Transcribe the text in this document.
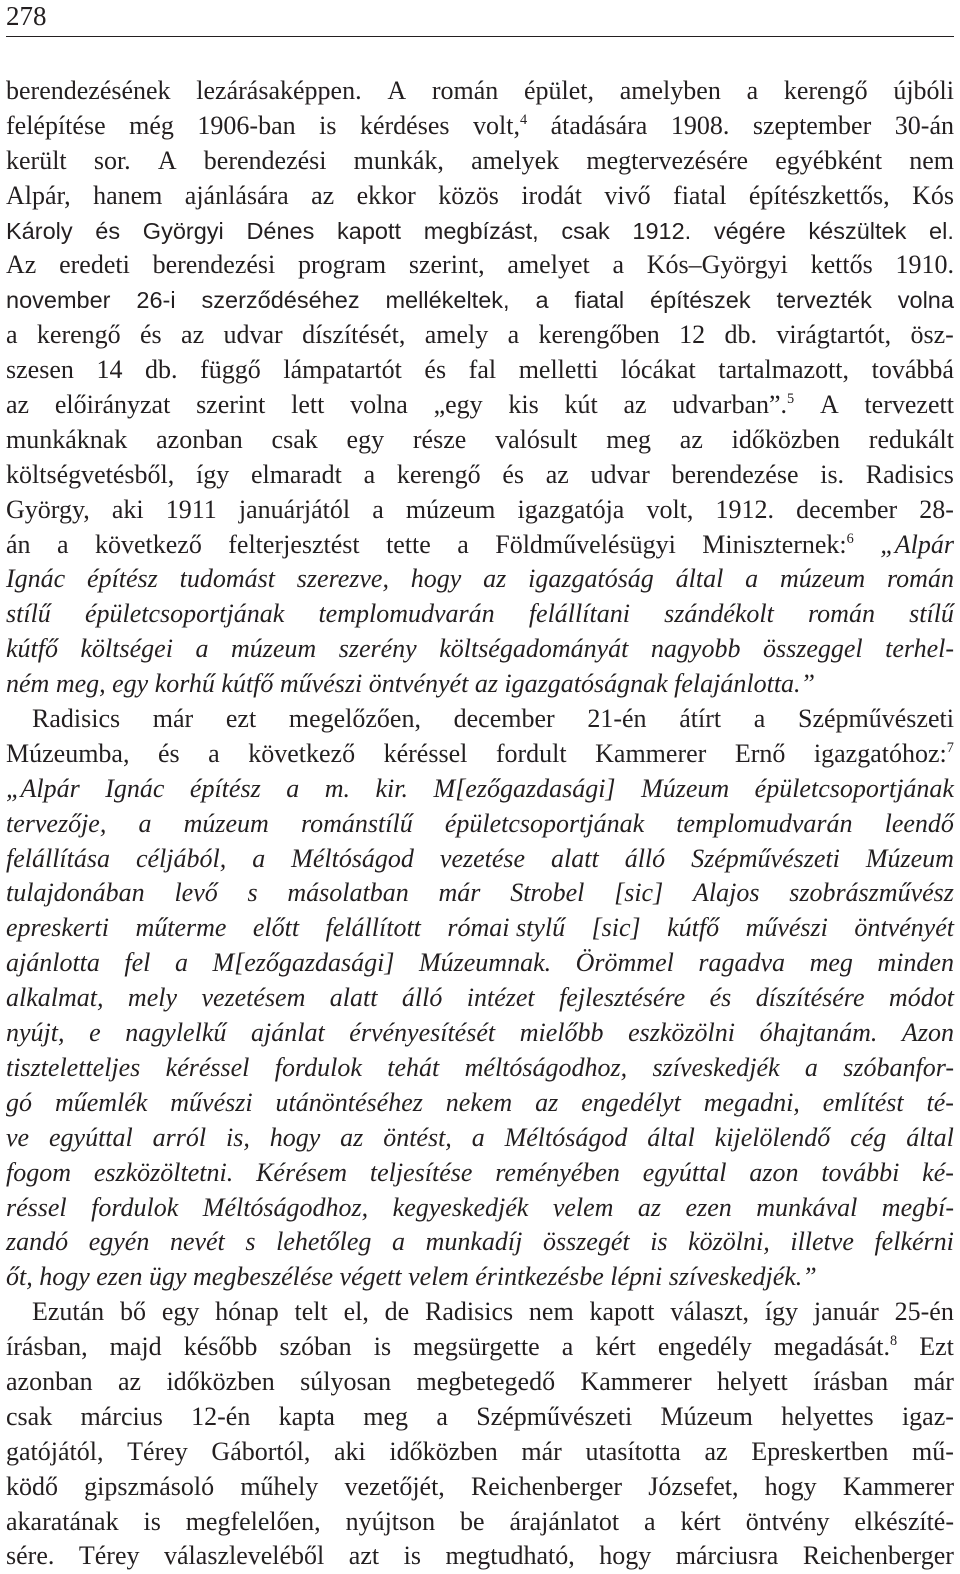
278
berendezésének lezárásaképpen. A román épület, amelyben a kerengő újbóli
felépítése még 1906-ban is kérdéses volt,$^4$ átadására 1908. szeptember 30-án
került sor. A berendezési munkák, amelyek megtervezésére egyébként nem
Alpár, hanem ajánlására az ekkor közös irodát vivő fiatal építészkettős, Kós
Károly és Györgyi Dénes kapott megbízást, csak 1912. végére készültek el.
Az eredeti berendezési program szerint, amelyet a Kós–Györgyi kettős 1910.
november 26-i szerződéséhez mellékeltek, a fiatal építészek tervezték volna
a kerengő és az udvar díszítését, amely a kerengőben 12 db. virágtartót, ösz-
szesen 14 db. függő lámpatartót és fal melletti lócákat tartalmazott, továbbá
az előirányzat szerint lett volna „egy kis kút az udvarban”.$^5$ A tervezett
munkáknak azonban csak egy része valósult meg az időközben redukált
költségvetésből, így elmaradt a kerengő és az udvar berendezése is. Radisics
György, aki 1911 januárjától a múzeum igazgatója volt, 1912. december 28-
án a következő felterjesztést tette a Földművelésügyi Miniszternek:$^6$ „Alpár
Ignác építész tudomást szerezve, hogy az igazgatóság által a múzeum román
stílű épületcsoportjának templomudvarán felállítani szándékolt román stílű
kútfő költségei a múzeum szerény költségadományát nagyobb összeggel terhel-
ném meg, egy korhű kútfő művészi öntvényét az igazgatóságnak felajánlotta.”
Radisics már ezt megelőzően, december 21-én átírt a Szépművészeti
Múzeumba, és a következő kéréssel fordult Kammerer Ernő igazgatóhoz:$^7$
„Alpár Ignác építész a m. kir. M[ezőgazdasági] Múzeum épületcsoportjának
tervezője, a múzeum románstílű épületcsoportjának templomudvarán leendő
felállítása céljából, a Méltóságod vezetése alatt álló Szépművészeti Múzeum
tulajdonában levő s másolatban már Strobel [sic] Alajos szobrászművész
epreskerti műterme előtt felállított római stylű [sic] kútfő művészi öntvényét
ajánlotta fel a M[ezőgazdasági] Múzeumnak. Örömmel ragadva meg minden
alkalmat, mely vezetésem alatt álló intézet fejlesztésére és díszítésére módot
nyújt, e nagylelkű ajánlat érvényesítését mielőbb eszközölni óhajtanám. Azon
tiszteletteljes kéréssel fordulok tehát méltóságodhoz, szíveskedjék a szóbanfor-
gó műemlék művészi utánöntéséhez nekem az engedélyt megadni, említést té-
ve egyúttal arról is, hogy az öntést, a Méltóságod által kijelölendő cég által
fogom eszközöltetni. Kérésem teljesítése reményében egyúttal azon további ké-
réssel fordulok Méltóságodhoz, kegyeskedjék velem az ezen munkával megbí-
zandó egyén nevét s lehetőleg a munkadíj összegét is közölni, illetve felkérni
őt, hogy ezen ügy megbeszélése végett velem érintkezésbe lépni szíveskedjék.”
Ezután bő egy hónap telt el, de Radisics nem kapott választ, így január 25-én
írásban, majd később szóban is megsürgette a kért engedély megadását.$^8$ Ezt
azonban az időközben súlyosan megbetegedő Kammerer helyett írásban már
csak március 12-én kapta meg a Szépművészeti Múzeum helyettes igaz-
gatójától, Térey Gábortól, aki időközben már utasította az Epreskertben mű-
ködő gipszmásoló műhely vezetőjét, Reichenberger Józsefet, hogy Kammerer
akaratának is megfelelően, nyújtson be árajánlatot a kért öntvény elkészíté-
sére. Térey válaszleveléből azt is megtudható, hogy márciusra Reichenberger
